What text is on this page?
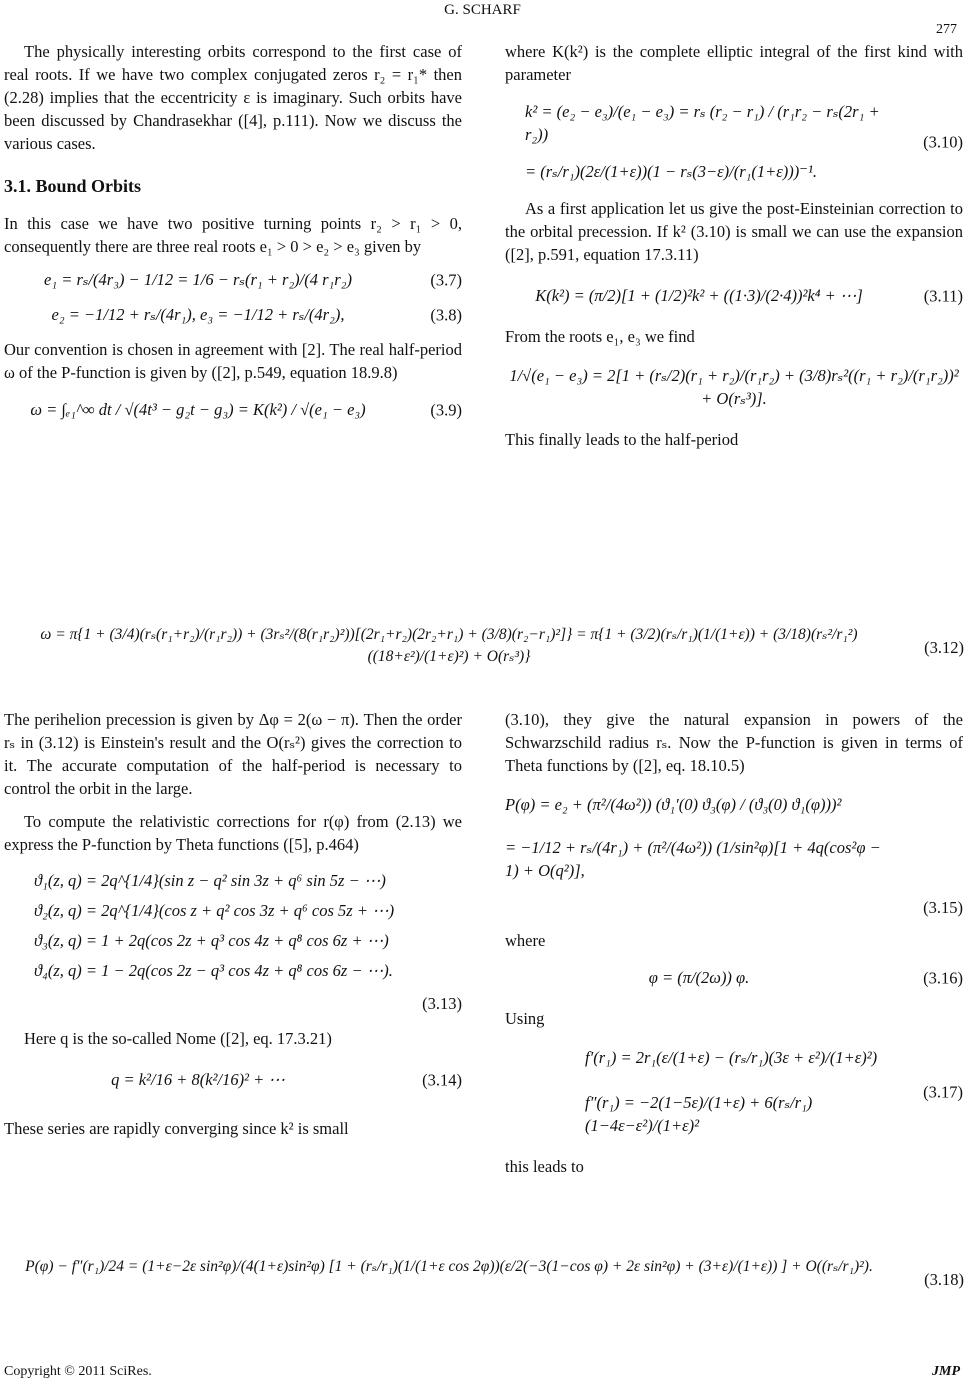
G. SCHARF
277

The physically interesting orbits correspond to the first case of real roots. If we have two complex conjugated zeros r₂ = r₁* then (2.28) implies that the eccentricity ε is imaginary. Such orbits have been discussed by Chandrasekhar ([4], p.111). Now we discuss the various cases.

3.1. Bound Orbits

In this case we have two positive turning points r₂ > r₁ > 0, consequently there are three real roots e₁ > 0 > e₂ > e₃ given by

e₁ = rₛ/(4r₃) − 1/12 = 1/6 − rₛ(r₁ + r₂)/(4 r₁r₂)	(3.7)
e₂ = −1/12 + rₛ/(4r₁), e₃ = −1/12 + rₛ/(4r₂),	(3.8)

Our convention is chosen in agreement with [2]. The real half-period ω of the P-function is given by ([2], p.549, equation 18.9.8)

ω = ∫ₑ₁^∞ dt / √(4t³ − g₂t − g₃) = K(k²) / √(e₁ − e₃)	(3.9)

The perihelion precession is given by Δφ = 2(ω − π). Then the order rₛ in (3.12) is Einstein's result and the O(rₛ²) gives the correction to it. The accurate computation of the half-period is necessary to control the orbit in the large.

To compute the relativistic corrections for r(φ) from (2.13) we express the P-function by Theta functions ([5], p.464)

ϑ₁(z, q) = 2q^{1/4}(sin z − q² sin 3z + q⁶ sin 5z − ⋯)
ϑ₂(z, q) = 2q^{1/4}(cos z + q² cos 3z + q⁶ cos 5z + ⋯)
ϑ₃(z, q) = 1 + 2q(cos 2z + q³ cos 4z + q⁸ cos 6z + ⋯)
ϑ₄(z, q) = 1 − 2q(cos 2z − q³ cos 4z + q⁸ cos 6z − ⋯).
(3.13)

Here q is the so-called Nome ([2], eq. 17.3.21)

q = k²/16 + 8(k²/16)² + ⋯	(3.14)

These series are rapidly converging since k² is small

where K(k²) is the complete elliptic integral of the first kind with parameter

k² = (e₂ − e₃)/(e₁ − e₃) = rₛ (r₂ − r₁) / (r₁r₂ − rₛ(2r₁ + r₂))
= (rₛ/r₁)(2ε/(1+ε))(1 − rₛ(3−ε)/(r₁(1+ε)))⁻¹.
(3.10)

As a first application let us give the post-Einsteinian correction to the orbital precession. If k² (3.10) is small we can use the expansion ([2], p.591, equation 17.3.11)

K(k²) = (π/2)[1 + (1/2)²k² + ((1·3)/(2·4))²k⁴ + ⋯]	(3.11)

From the roots e₁, e₃ we find

1/√(e₁ − e₃) = 2[1 + (rₛ/2)(r₁ + r₂)/(r₁r₂) + (3/8)rₛ²((r₁ + r₂)/(r₁r₂))² + O(rₛ³)].

This finally leads to the half-period

ω = π{1 + (3/4)(rₛ(r₁+r₂)/(r₁r₂)) + (3rₛ²/(8(r₁r₂)²))[(2r₁+r₂)(2r₂+r₁) + (3/8)(r₂−r₁)²]} = π{1 + (3/2)(rₛ/r₁)(1/(1+ε)) + (3/18)(rₛ²/r₁²)((18+ε²)/(1+ε)²) + O(rₛ³)}	(3.12)

(3.10), they give the natural expansion in powers of the Schwarzschild radius rₛ. Now the P-function is given in terms of Theta functions by ([2], eq. 18.10.5)

P(φ) = e₂ + (π²/(4ω²)) (ϑ₁′(0) ϑ₃(φ) / (ϑ₃(0) ϑ₁(φ)))²
= −1/12 + rₛ/(4r₁) + (π²/(4ω²)) (1/sin²φ)[1 + 4q(cos²φ − 1) + O(q²)],
(3.15)

where

φ = (π/(2ω)) φ.	(3.16)

Using

f′(r₁) = 2r₁(ε/(1+ε) − (rₛ/r₁)(3ε + ε²)/(1+ε)²)
f″(r₁) = −2(1−5ε)/(1+ε) + 6(rₛ/r₁)(1−4ε−ε²)/(1+ε)²
(3.17)

this leads to

P(φ) − f″(r₁)/24 = (1+ε−2ε sin²φ)/(4(1+ε)sin²φ) [1 + (rₛ/r₁)(1/(1+ε cos 2φ))(ε/2(−3(1−cos φ) + 2ε sin²φ) + (3+ε)/(1+ε)) ] + O((rₛ/r₁)²).
(3.18)
Copyright © 2011 SciRes.	JMP
